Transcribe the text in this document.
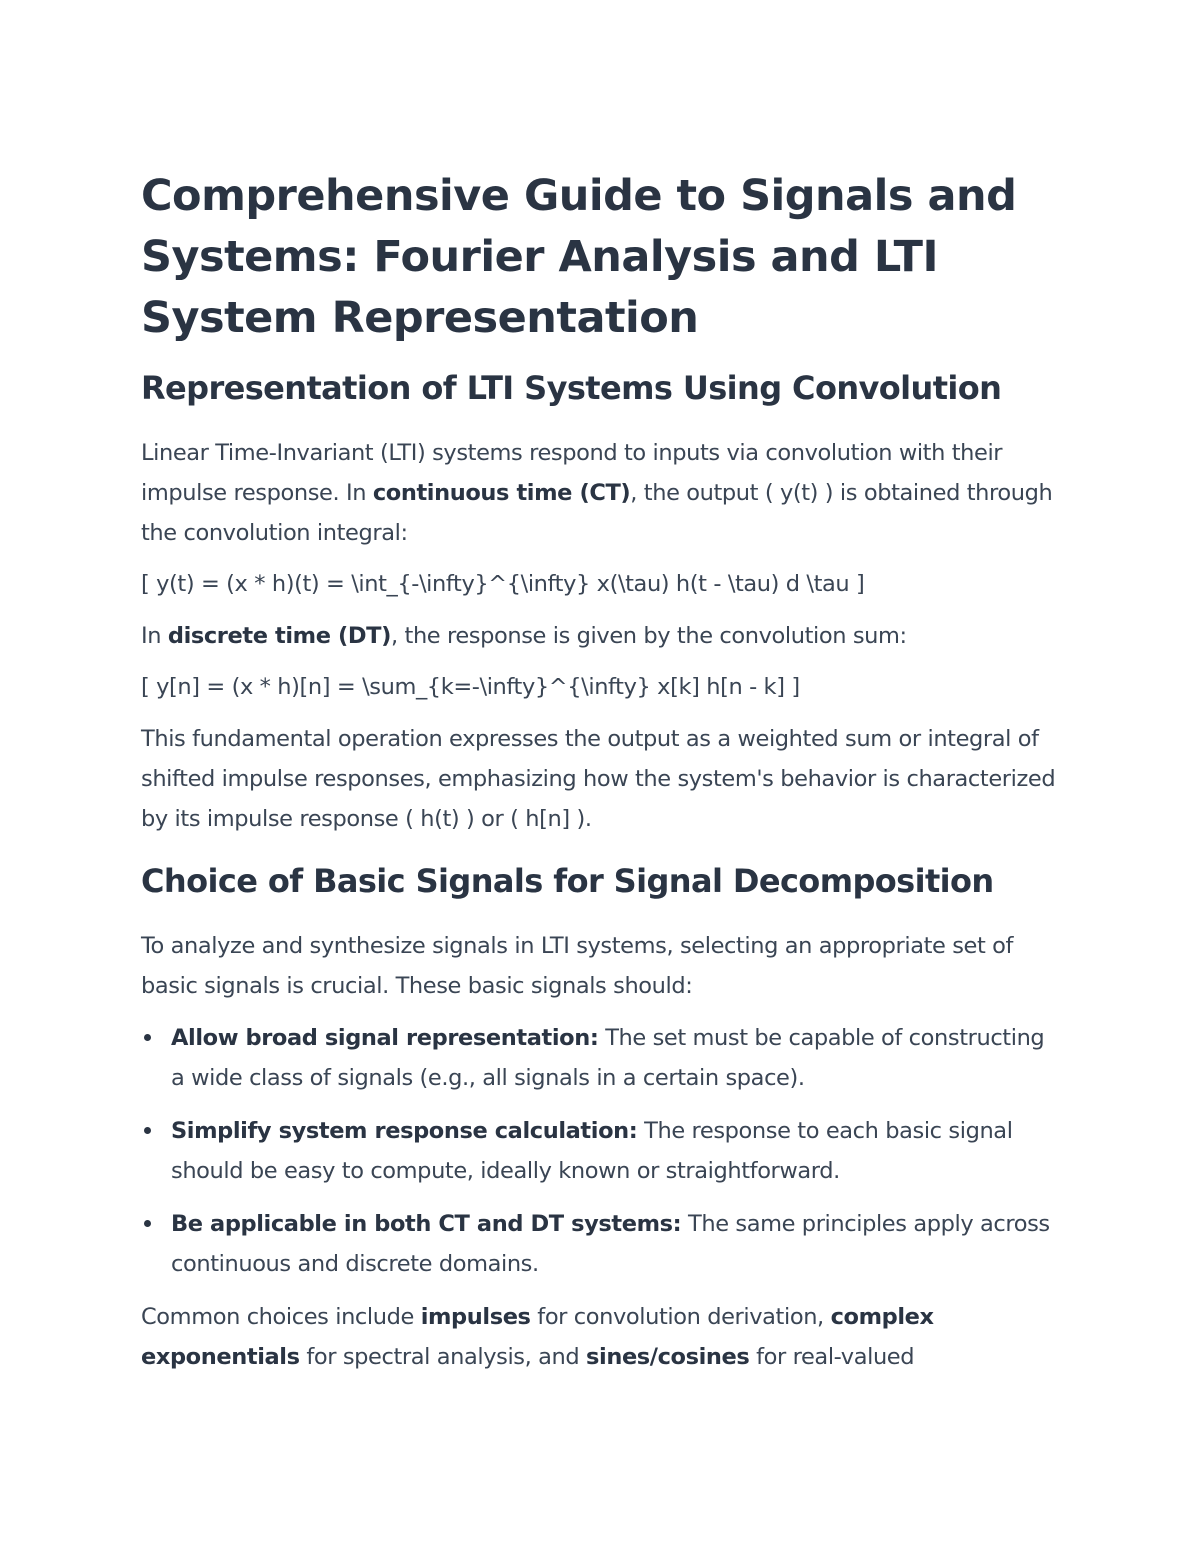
Comprehensive Guide to Signals and Systems: Fourier Analysis and LTI System Representation
Representation of LTI Systems Using Convolution

Linear Time-Invariant (LTI) systems respond to inputs via convolution with their impulse response. In continuous time (CT), the output ( y(t) ) is obtained through the convolution integral:

[ y(t) = (x * h)(t) = \int_{-\infty}^{\infty} x(\tau) h(t - \tau) d \tau ]

In discrete time (DT), the response is given by the convolution sum:

[ y[n] = (x * h)[n] = \sum_{k=-\infty}^{\infty} x[k] h[n - k] ]

This fundamental operation expresses the output as a weighted sum or integral of shifted impulse responses, emphasizing how the system's behavior is characterized by its impulse response ( h(t) ) or ( h[n] ).

Choice of Basic Signals for Signal Decomposition

To analyze and synthesize signals in LTI systems, selecting an appropriate set of basic signals is crucial. These basic signals should:

Allow broad signal representation: The set must be capable of constructing a wide class of signals (e.g., all signals in a certain space).
Simplify system response calculation: The response to each basic signal should be easy to compute, ideally known or straightforward.
Be applicable in both CT and DT systems: The same principles apply across continuous and discrete domains.

Common choices include impulses for convolution derivation, complex exponentials for spectral analysis, and sines/cosines for real-valued
